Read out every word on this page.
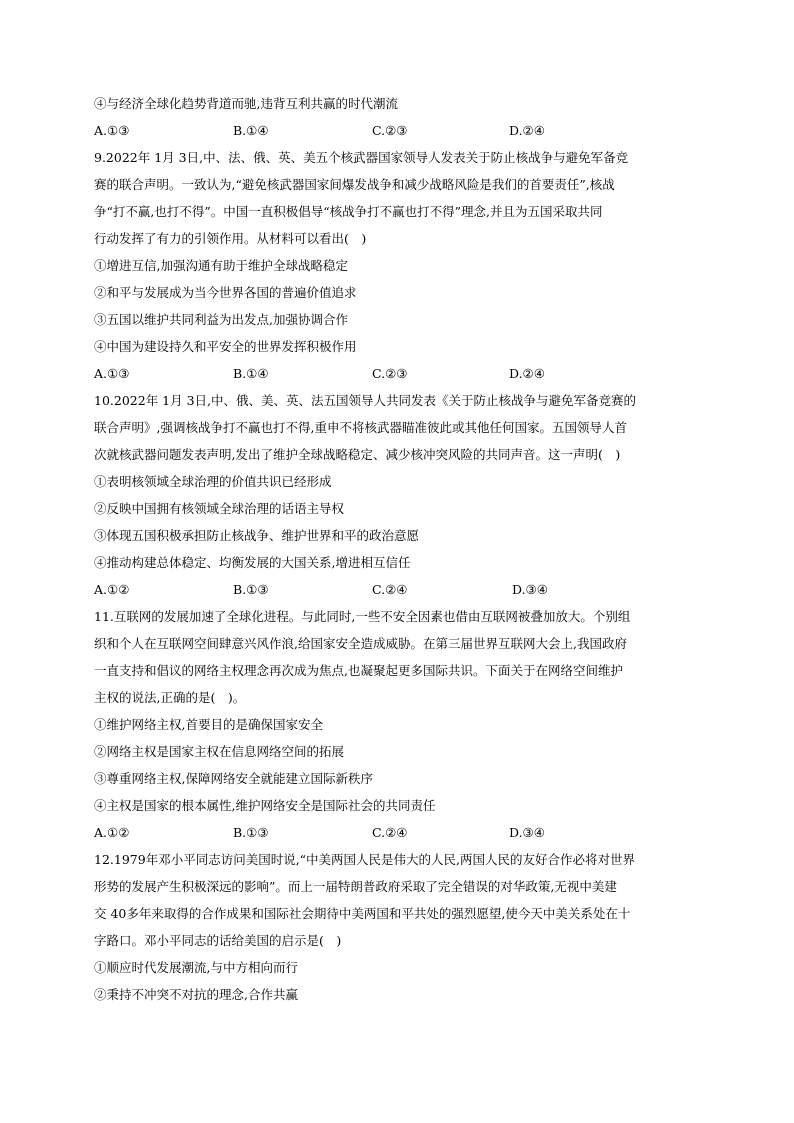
④与经济全球化趋势背道而驰,违背互利共赢的时代潮流
A.①③	B.①④	C.②③	D.②④
9.2022年 1月 3日,中、法、俄、英、美五个核武器国家领导人发表关于防止核战争与避免军备竞
赛的联合声明。一致认为,“避免核武器国家间爆发战争和减少战略风险是我们的首要责任”,核战
争“打不赢,也打不得”。中国一直积极倡导“核战争打不赢也打不得”理念,并且为五国采取共同
行动发挥了有力的引领作用。从材料可以看出(　)
①增进互信,加强沟通有助于维护全球战略稳定
②和平与发展成为当今世界各国的普遍价值追求
③五国以维护共同利益为出发点,加强协调合作
④中国为建设持久和平安全的世界发挥积极作用
A.①③	B.①④	C.②③	D.②④
10.2022年 1月 3日,中、俄、美、英、法五国领导人共同发表《关于防止核战争与避免军备竞赛的
联合声明》,强调核战争打不赢也打不得,重申不将核武器瞄准彼此或其他任何国家。五国领导人首
次就核武器问题发表声明,发出了维护全球战略稳定、减少核冲突风险的共同声音。这一声明(　)
①表明核领域全球治理的价值共识已经形成
②反映中国拥有核领域全球治理的话语主导权
③体现五国积极承担防止核战争、维护世界和平的政治意愿
④推动构建总体稳定、均衡发展的大国关系,增进相互信任
A.①②	B.①③	C.②④	D.③④
11.互联网的发展加速了全球化进程。与此同时,一些不安全因素也借由互联网被叠加放大。个别组
织和个人在互联网空间肆意兴风作浪,给国家安全造成威胁。在第三届世界互联网大会上,我国政府
一直支持和倡议的网络主权理念再次成为焦点,也凝聚起更多国际共识。下面关于在网络空间维护
主权的说法,正确的是(　)。
①维护网络主权,首要目的是确保国家安全
②网络主权是国家主权在信息网络空间的拓展
③尊重网络主权,保障网络安全就能建立国际新秩序
④主权是国家的根本属性,维护网络安全是国际社会的共同责任
A.①②	B.①③	C.②④	D.③④
12.1979年邓小平同志访问美国时说,“中美两国人民是伟大的人民,两国人民的友好合作必将对世界
形势的发展产生积极深远的影响”。而上一届特朗普政府采取了完全错误的对华政策,无视中美建
交 40多年来取得的合作成果和国际社会期待中美两国和平共处的强烈愿望,使今天中美关系处在十
字路口。邓小平同志的话给美国的启示是(　)
①顺应时代发展潮流,与中方相向而行
②秉持不冲突不对抗的理念,合作共赢
